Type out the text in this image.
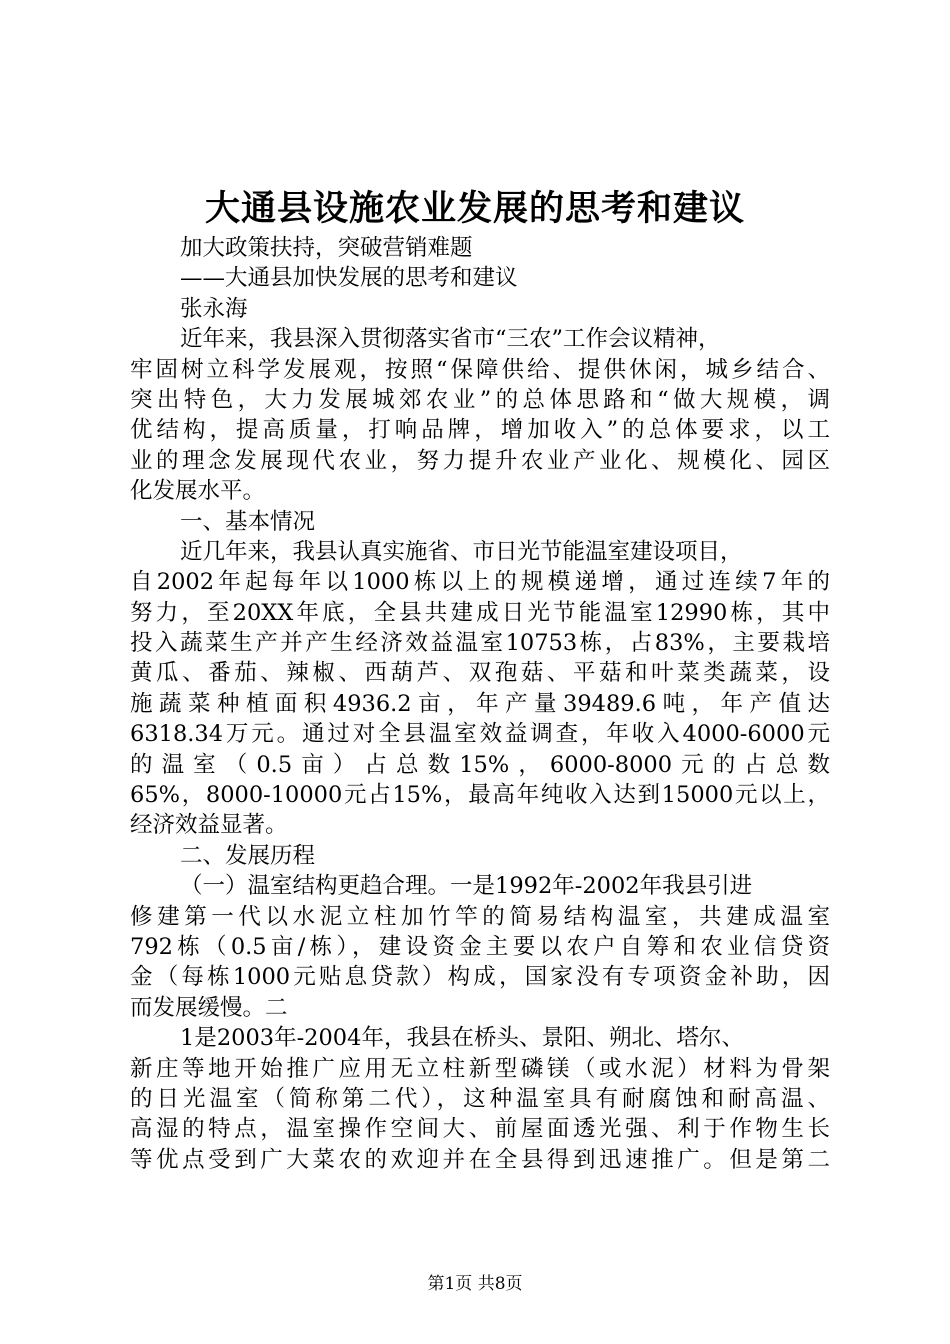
大通县设施农业发展的思考和建议
加大政策扶持，突破营销难题
——大通县加快发展的思考和建议
张永海
近年来，我县深入贯彻落实省市“三农”工作会议精神，
牢固树立科学发展观，按照“保障供给、提供休闲，城乡结合、
突出特色，大力发展城郊农业”的总体思路和“做大规模，调
优结构，提高质量，打响品牌，增加收入”的总体要求，以工
业的理念发展现代农业，努力提升农业产业化、规模化、园区
化发展水平。
一、基本情况
近几年来，我县认真实施省、市日光节能温室建设项目，
自2002年起每年以1000栋以上的规模递增，通过连续7年的
努力，至20XX年底，全县共建成日光节能温室12990栋，其中
投入蔬菜生产并产生经济效益温室10753栋，占83%，主要栽培
黄瓜、番茄、辣椒、西葫芦、双孢菇、平菇和叶菜类蔬菜，设
施蔬菜种植面积4936.2亩，年产量39489.6吨，年产值达
6318.34万元。通过对全县温室效益调查，年收入4000-6000元
的温室（0.5亩）占总数15%，6000-8000元的占总数
65%，8000-10000元占15%，最高年纯收入达到15000元以上，
经济效益显著。
二、发展历程
（一）温室结构更趋合理。一是1992年-2002年我县引进
修建第一代以水泥立柱加竹竿的简易结构温室，共建成温室
792栋（0.5亩/栋），建设资金主要以农户自筹和农业信贷资
金（每栋1000元贴息贷款）构成，国家没有专项资金补助，因
而发展缓慢。二
1是2003年-2004年，我县在桥头、景阳、朔北、塔尔、
新庄等地开始推广应用无立柱新型磷镁（或水泥）材料为骨架
的日光温室（简称第二代），这种温室具有耐腐蚀和耐高温、
高湿的特点，温室操作空间大、前屋面透光强、利于作物生长
等优点受到广大菜农的欢迎并在全县得到迅速推广。但是第二
第1页 共8页
